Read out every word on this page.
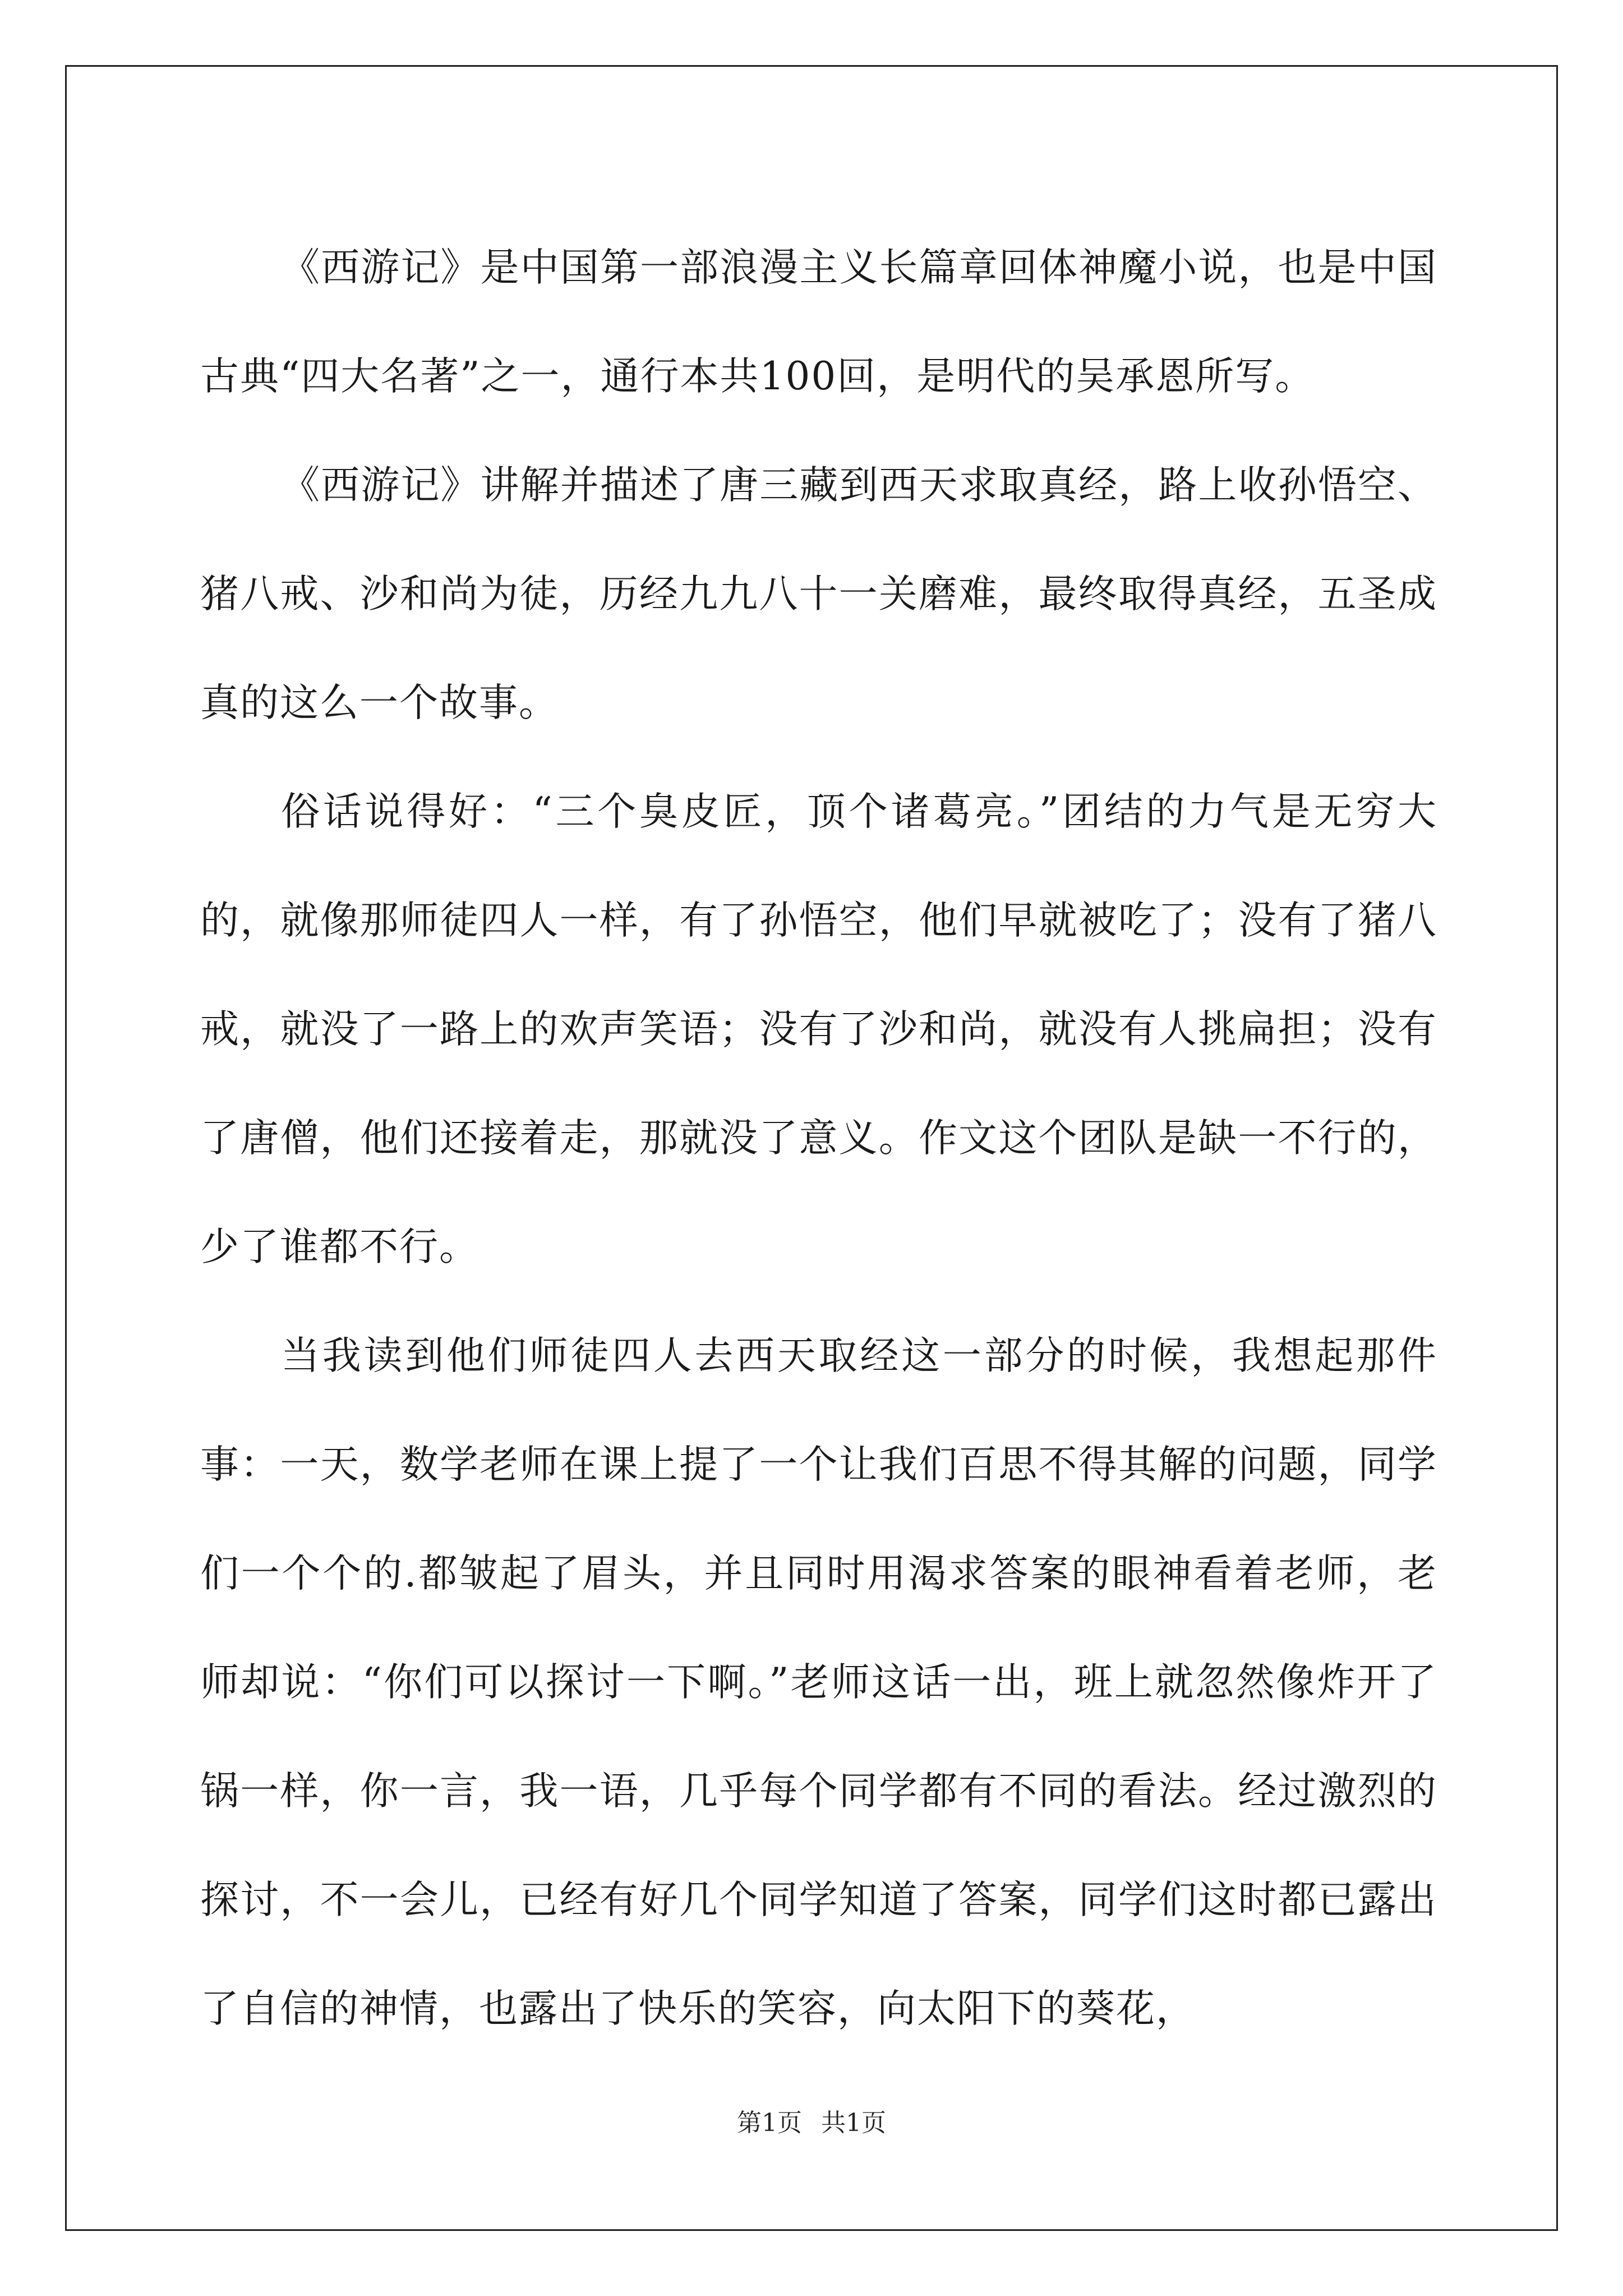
《西游记》是中国第一部浪漫主义长篇章回体神魔小说，也是中国古典“四大名著”之一，通行本共100回，是明代的吴承恩所写。

《西游记》讲解并描述了唐三藏到西天求取真经，路上收孙悟空、猪八戒、沙和尚为徒，历经九九八十一关磨难，最终取得真经，五圣成真的这么一个故事。

俗话说得好：“三个臭皮匠，顶个诸葛亮。”团结的力气是无穷大的，就像那师徒四人一样，有了孙悟空，他们早就被吃了；没有了猪八戒，就没了一路上的欢声笑语；没有了沙和尚，就没有人挑扁担；没有了唐僧，他们还接着走，那就没了意义。作文这个团队是缺一不行的，少了谁都不行。

当我读到他们师徒四人去西天取经这一部分的时候，我想起那件事：一天，数学老师在课上提了一个让我们百思不得其解的问题，同学们一个个的.都皱起了眉头，并且同时用渴求答案的眼神看着老师，老师却说：“你们可以探讨一下啊。”老师这话一出，班上就忽然像炸开了锅一样，你一言，我一语，几乎每个同学都有不同的看法。经过激烈的探讨，不一会儿，已经有好几个同学知道了答案，同学们这时都已露出了自信的神情，也露出了快乐的笑容，向太阳下的葵花，

第1页 共1页
